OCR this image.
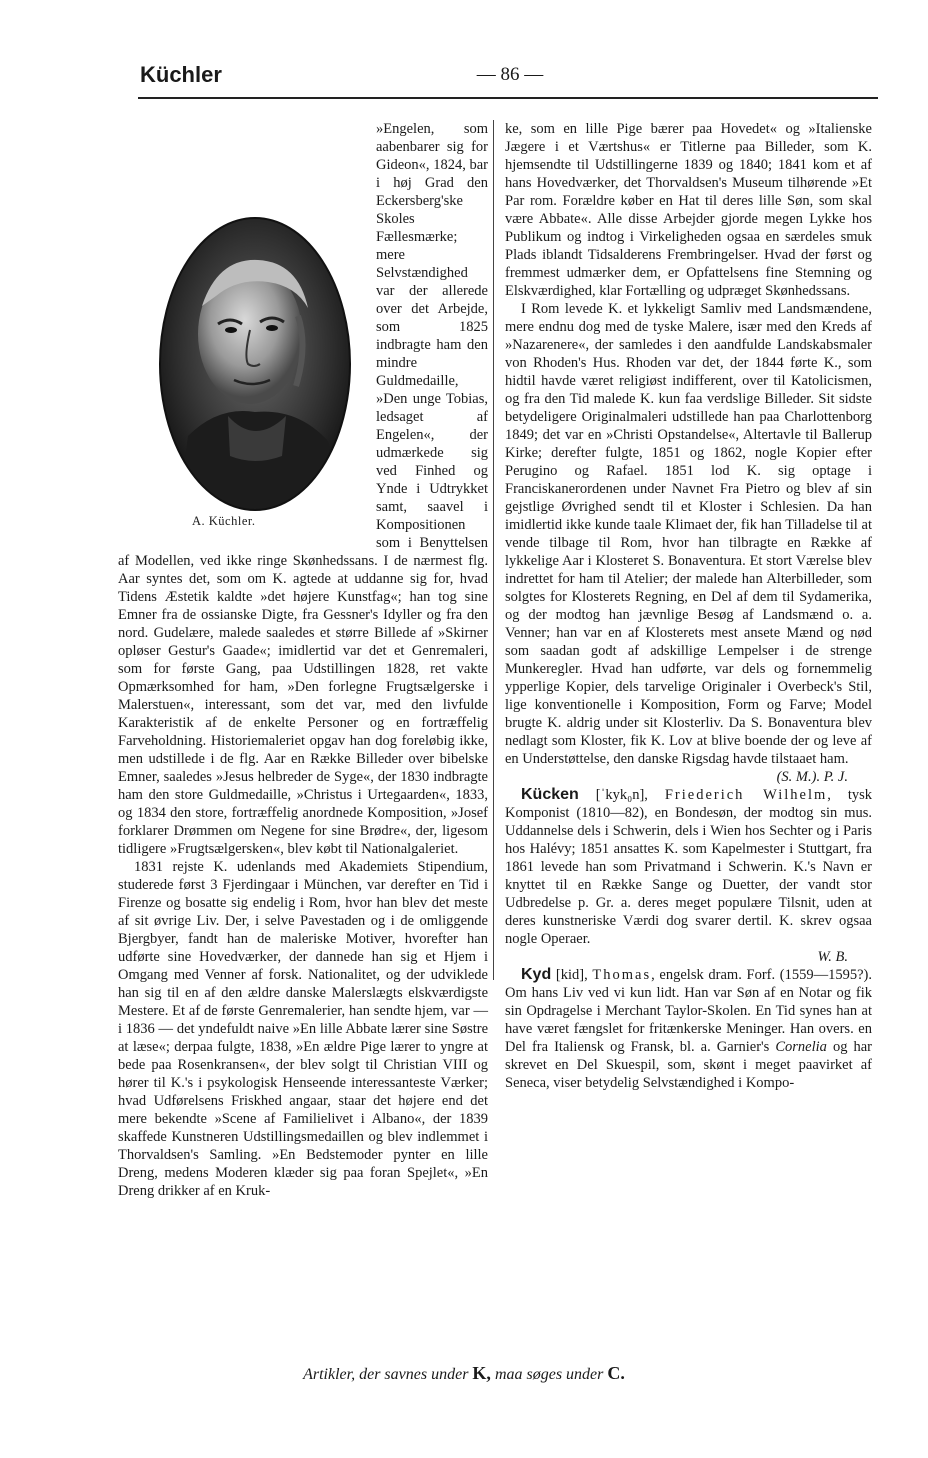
Küchler	— 86 —
A. Küchler.

»Engelen, som aabenbarer sig for Gideon«, 1824, bar i høj Grad den Eckersberg'ske Skoles Fællesmærke; mere Selvstændighed var der allerede over det Arbejde, som 1825 indbragte ham den mindre Guldmedaille, »Den unge Tobias, ledsaget af Engelen«, der udmærkede sig ved Finhed og Ynde i Udtrykket samt, saavel i Kompositionen som i Benyttelsen af Modellen, ved ikke ringe Skønhedssans. I de nærmest flg. Aar syntes det, som om K. agtede at uddanne sig for, hvad Tidens Æstetik kaldte »det højere Kunstfag«; han tog sine Emner fra de ossianske Digte, fra Gessner's Idyller og fra den nord. Gudelære, malede saaledes et større Billede af »Skirner opløser Gestur's Gaade«; imidlertid var det et Genremaleri, som for første Gang, paa Udstillingen 1828, ret vakte Opmærksomhed for ham, »Den forlegne Frugtsælgerske i Malerstuen«, interessant, som det var, med den livfulde Karakteristik af de enkelte Personer og en fortræffelig Farveholdning. Historiemaleriet opgav han dog foreløbig ikke, men udstillede i de flg. Aar en Række Billeder over bibelske Emner, saaledes »Jesus helbreder de Syge«, der 1830 indbragte ham den store Guldmedaille, »Christus i Urtegaarden«, 1833, og 1834 den store, fortræffelig anordnede Komposition, »Josef forklarer Drømmen om Negene for sine Brødre«, der, ligesom tidligere »Frugtsælgersken«, blev købt til Nationalgaleriet.

1831 rejste K. udenlands med Akademiets Stipendium, studerede først 3 Fjerdingaar i München, var derefter en Tid i Firenze og bosatte sig endelig i Rom, hvor han blev det meste af sit øvrige Liv. Der, i selve Pavestaden og i de omliggende Bjergbyer, fandt han de maleriske Motiver, hvorefter han udførte sine Hovedværker, der dannede han sig et Hjem i Omgang med Venner af forsk. Nationalitet, og der udviklede han sig til en af den ældre danske Malerslægts elskværdigste Mestere. Et af de første Genremalerier, han sendte hjem, var — i 1836 — det yndefuldt naive »En lille Abbate lærer sine Søstre at læse«; derpaa fulgte, 1838, »En ældre Pige lærer to yngre at bede paa Rosenkransen«, der blev solgt til Christian VIII og hører til K.'s i psykologisk Henseende interessanteste Værker; hvad Udførelsens Friskhed angaar, staar det højere end det mere bekendte »Scene af Familielivet i Albano«, der 1839 skaffede Kunstneren Udstillingsmedaillen og blev indlemmet i Thorvaldsen's Samling. »En Bedstemoder pynter en lille Dreng, medens Moderen klæder sig paa foran Spejlet«, »En Dreng drikker af en Kruk-

ke, som en lille Pige bærer paa Hovedet« og »Italienske Jægere i et Værtshus« er Titlerne paa Billeder, som K. hjemsendte til Udstillingerne 1839 og 1840; 1841 kom et af hans Hovedværker, det Thorvaldsen's Museum tilhørende »Et Par rom. Forældre køber en Hat til deres lille Søn, som skal være Abbate«. Alle disse Arbejder gjorde megen Lykke hos Publikum og indtog i Virkeligheden ogsaa en særdeles smuk Plads iblandt Tidsalderens Frembringelser. Hvad der først og fremmest udmærker dem, er Opfattelsens fine Stemning og Elskværdighed, klar Fortælling og udpræget Skønhedssans.

I Rom levede K. et lykkeligt Samliv med Landsmændene, mere endnu dog med de tyske Malere, især med den Kreds af »Nazarenere«, der samledes i den aandfulde Landskabsmaler von Rhoden's Hus. Rhoden var det, der 1844 førte K., som hidtil havde været religiøst indifferent, over til Katolicismen, og fra den Tid malede K. kun faa verdslige Billeder. Sit sidste betydeligere Originalmaleri udstillede han paa Charlottenborg 1849; det var en »Christi Opstandelse«, Altertavle til Ballerup Kirke; derefter fulgte, 1851 og 1862, nogle Kopier efter Perugino og Rafael. 1851 lod K. sig optage i Franciskanerordenen under Navnet Fra Pietro og blev af sin gejstlige Øvrighed sendt til et Kloster i Schlesien. Da han imidlertid ikke kunde taale Klimaet der, fik han Tilladelse til at vende tilbage til Rom, hvor han tilbragte en Række af lykkelige Aar i Klosteret S. Bonaventura. Et stort Værelse blev indrettet for ham til Atelier; der malede han Alterbilleder, som solgtes for Klosterets Regning, en Del af dem til Sydamerika, og der modtog han jævnlige Besøg af Landsmænd o. a. Venner; han var en af Klosterets mest ansete Mænd og nød som saadan godt af adskillige Lempelser i de strenge Munkeregler. Hvad han udførte, var dels og fornemmelig ypperlige Kopier, dels tarvelige Originaler i Overbeck's Stil, lige konventionelle i Komposition, Form og Farve; Model brugte K. aldrig under sit Klosterliv. Da S. Bonaventura blev nedlagt som Kloster, fik K. Lov at blive boende der og leve af en Understøttelse, den danske Rigsdag havde tilstaaet ham.

(S. M.). P. J.

Kücken [ˈkyk₀n], Friederich Wilhelm, tysk Komponist (1810—82), en Bondesøn, der modtog sin mus. Uddannelse dels i Schwerin, dels i Wien hos Sechter og i Paris hos Halévy; 1851 ansattes K. som Kapelmester i Stuttgart, fra 1861 levede han som Privatmand i Schwerin. K.'s Navn er knyttet til en Række Sange og Duetter, der vandt stor Udbredelse p. Gr. a. deres meget populære Tilsnit, uden at deres kunstneriske Værdi dog svarer dertil. K. skrev ogsaa nogle Operaer.

W. B.

Kyd [kid], Thomas, engelsk dram. Forf. (1559—1595?). Om hans Liv ved vi kun lidt. Han var Søn af en Notar og fik sin Opdragelse i Merchant Taylor-Skolen. En Tid synes han at have været fængslet for fritænkerske Meninger. Han overs. en Del fra Italiensk og Fransk, bl. a. Garnier's Cornelia og har skrevet en Del Skuespil, som, skønt i meget paavirket af Seneca, viser betydelig Selvstændighed i Kompo-

Artikler, der savnes under K, maa søges under C.
